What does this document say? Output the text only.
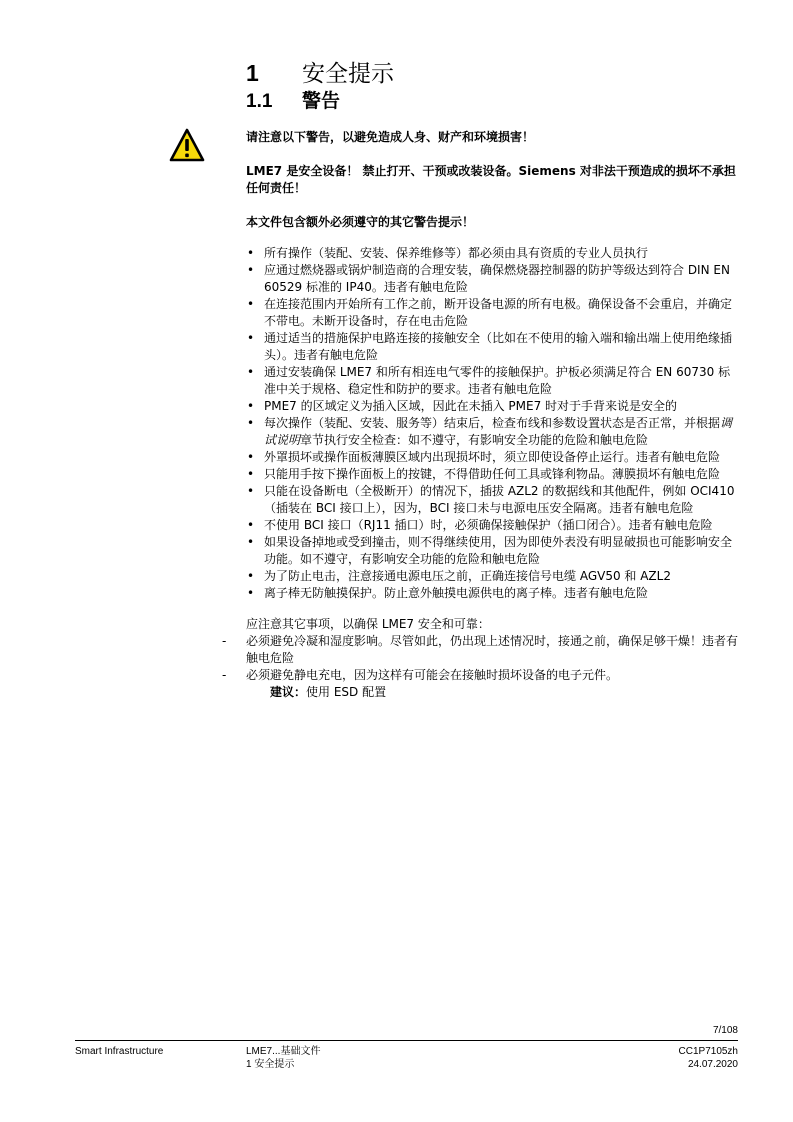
1 安全提示
1.1 警告

请注意以下警告，以避免造成人身、财产和环境损害！

LME7 是安全设备！ 禁止打开、干预或改装设备。Siemens 对非法干预造成的损坏不承担任何责任！

本文件包含额外必须遵守的其它警告提示！

• 所有操作（装配、安装、保养维修等）都必须由具有资质的专业人员执行
• 应通过燃烧器或锅炉制造商的合理安装，确保燃烧器控制器的防护等级达到符合 DIN EN 60529 标准的 IP40。违者有触电危险
• 在连接范围内开始所有工作之前，断开设备电源的所有电极。确保设备不会重启，并确定不带电。未断开设备时，存在电击危险
• 通过适当的措施保护电路连接的接触安全（比如在不使用的输入端和输出端上使用绝缘插头）。违者有触电危险
• 通过安装确保 LME7 和所有相连电气零件的接触保护。护板必须满足符合 EN 60730 标准中关于规格、稳定性和防护的要求。违者有触电危险
• PME7 的区域定义为插入区域，因此在未插入 PME7 时对于手背来说是安全的
• 每次操作（装配、安装、服务等）结束后，检查布线和参数设置状态是否正常，并根据调试说明章节执行安全检查：如不遵守，有影响安全功能的危险和触电危险
• 外罩损坏或操作面板薄膜区域内出现损坏时，须立即使设备停止运行。违者有触电危险
• 只能用手按下操作面板上的按键，不得借助任何工具或锋利物品。薄膜损坏有触电危险
• 只能在设备断电（全极断开）的情况下，插拔 AZL2 的数据线和其他配件，例如 OCI410（插装在 BCI 接口上），因为，BCI 接口未与电源电压安全隔离。违者有触电危险
• 不使用 BCI 接口（RJ11 插口）时，必须确保接触保护（插口闭合）。违者有触电危险
• 如果设备掉地或受到撞击，则不得继续使用，因为即使外表没有明显破损也可能影响安全功能。如不遵守，有影响安全功能的危险和触电危险
• 为了防止电击，注意接通电源电压之前，正确连接信号电缆 AGV50 和 AZL2
• 离子棒无防触摸保护。防止意外触摸电源供电的离子棒。违者有触电危险

应注意其它事项，以确保 LME7 安全和可靠：

- 必须避免冷凝和湿度影响。尽管如此，仍出现上述情况时，接通之前，确保足够干燥！违者有触电危险
- 必须避免静电充电，因为这样有可能会在接触时损坏设备的电子元件。
建议：使用 ESD 配置
7/108
Smart Infrastructure	LME7...基础文件
1 安全提示
CC1P7105zh
24.07.2020
